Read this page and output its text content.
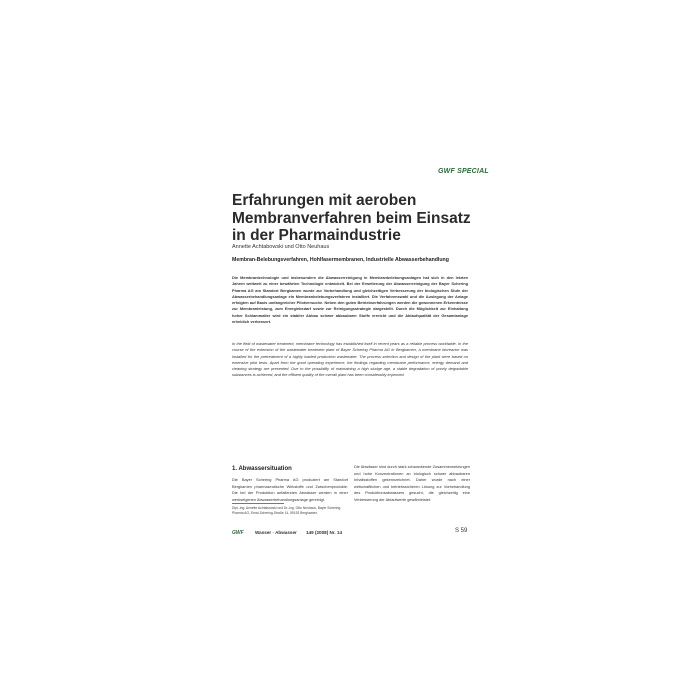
GWF SPECIAL
Erfahrungen mit aeroben
Membranverfahren beim Einsatz
in der Pharmaindustrie
Annette Achtabowski und Otto Neuhaus
Membran-Belebungsverfahren, Hohlfasermembranen, Industrielle Abwasserbehandlung

Die Membrantechnologie und insbesondere die Abwasserreinigung in Membranbelebungsanlagen hat sich in den letzten Jahren weltweit zu einer bewährten Technologie entwickelt. Bei der Erweiterung der Abwasserreinigung der Bayer Schering Pharma AG am Standort Bergkamen wurde zur Vorbehandlung und gleichzeitigen Verbesserung der biologischen Stufe der Abwasserbehandlungsanlage ein Membranbelebungsverfahren installiert. Die Verfahrenswahl und die Auslegung der Anlage erfolgten auf Basis umfangreicher Pilotversuche. Neben den guten Betriebserfahrungen werden die gewonnenen Erkenntnisse zur Membranleistung, zum Energiebedarf sowie zur Reinigungsstrategie dargestellt. Durch die Möglichkeit zur Einhaltung hoher Schlammalter wird ein stabiler Abbau schwer abbaubarer Stoffe erreicht und die Ablaufqualität der Gesamtanlage erheblich verbessert.

In the field of wastewater treatment, membrane technology has established itself in recent years as a reliable process worldwide. In the course of the extension of the wastewater treatment plant of Bayer Schering Pharma AG in Bergkamen, a membrane bioreactor was installed for the pretreatment of a highly loaded production wastewater. The process selection and design of the plant were based on extensive pilot tests. Apart from the good operating experience, the findings regarding membrane performance, energy demand and cleaning strategy are presented. Due to the possibility of maintaining a high sludge age, a stable degradation of poorly degradable substances is achieved, and the effluent quality of the overall plant has been considerably improved.

1. Abwassersituation

Die Bayer Schering Pharma AG produziert am Standort Bergkamen pharmazeutische Wirkstoffe und Zwischenprodukte. Die bei der Produktion anfallenden Abwässer werden in einer werkseigenen Abwasserbehandlungsanlage gereinigt.

Dipl.-Ing. Annette Achtabowski und Dr.-Ing. Otto Neuhaus, Bayer Schering Pharma AG, Ernst-Schering-Straße 14, 59192 Bergkamen.

Die Abwässer sind durch stark schwankende Zusammensetzungen und hohe Konzentrationen an biologisch schwer abbaubaren Inhaltsstoffen gekennzeichnet. Daher wurde nach einer wirtschaftlichen und betriebssicheren Lösung zur Vorbehandlung des Produktionsabwassers gesucht, die gleichzeitig eine Verbesserung der Ablaufwerte gewährleistet.

GWF Wasser · Abwasser 149 (2008) Nr. 14	S 59
